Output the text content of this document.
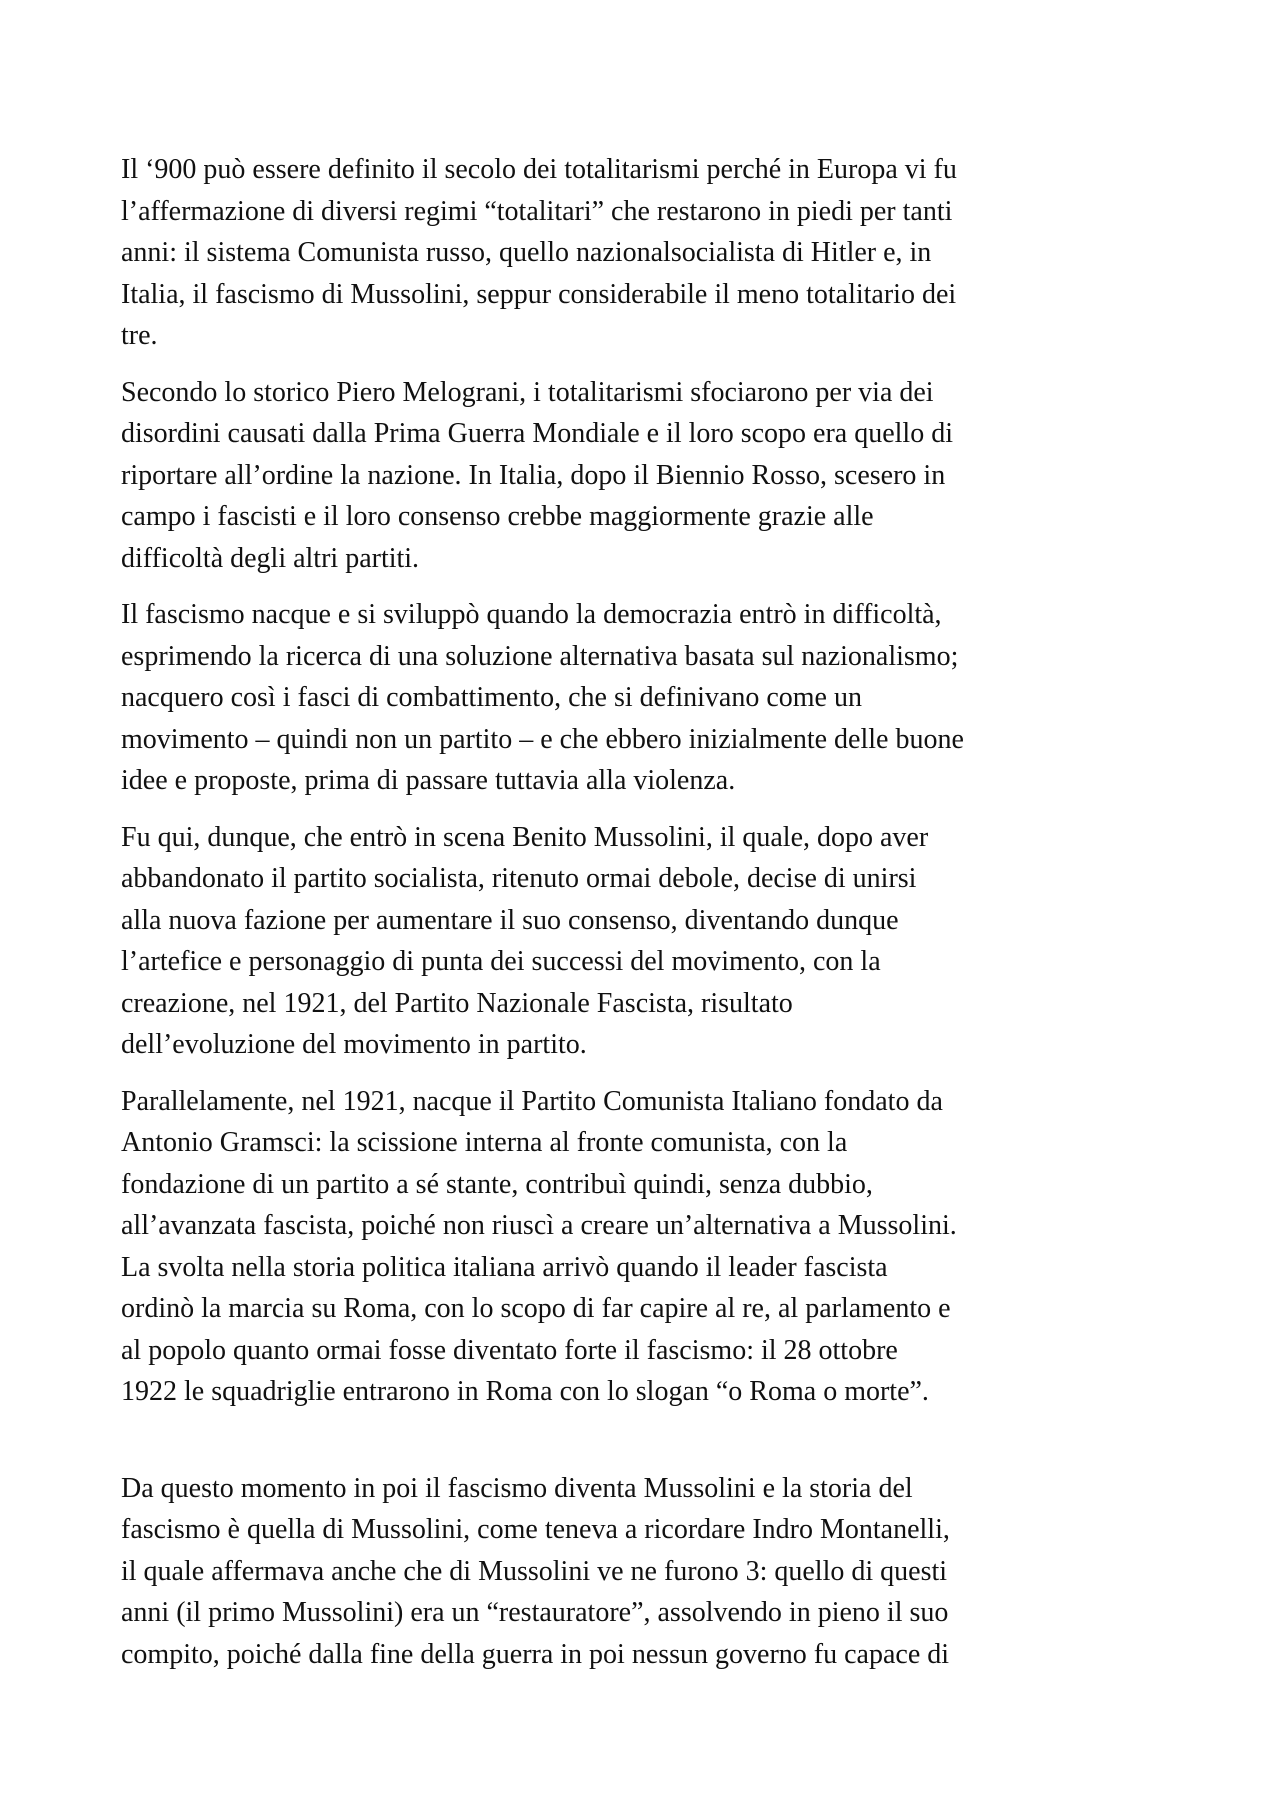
Il ‘900 può essere definito il secolo dei totalitarismi perché in Europa vi fu
l’affermazione di diversi regimi “totalitari” che restarono in piedi per tanti
anni: il sistema Comunista russo, quello nazionalsocialista di Hitler e, in
Italia, il fascismo di Mussolini, seppur considerabile il meno totalitario dei
tre.

Secondo lo storico Piero Melograni, i totalitarismi sfociarono per via dei
disordini causati dalla Prima Guerra Mondiale e il loro scopo era quello di
riportare all’ordine la nazione. In Italia, dopo il Biennio Rosso, scesero in
campo i fascisti e il loro consenso crebbe maggiormente grazie alle
difficoltà degli altri partiti.

Il fascismo nacque e si sviluppò quando la democrazia entrò in difficoltà,
esprimendo la ricerca di una soluzione alternativa basata sul nazionalismo;
nacquero così i fasci di combattimento, che si definivano come un
movimento – quindi non un partito – e che ebbero inizialmente delle buone
idee e proposte, prima di passare tuttavia alla violenza.

Fu qui, dunque, che entrò in scena Benito Mussolini, il quale, dopo aver
abbandonato il partito socialista, ritenuto ormai debole, decise di unirsi
alla nuova fazione per aumentare il suo consenso, diventando dunque
l’artefice e personaggio di punta dei successi del movimento, con la
creazione, nel 1921, del Partito Nazionale Fascista, risultato
dell’evoluzione del movimento in partito.

Parallelamente, nel 1921, nacque il Partito Comunista Italiano fondato da
Antonio Gramsci: la scissione interna al fronte comunista, con la
fondazione di un partito a sé stante, contribuì quindi, senza dubbio,
all’avanzata fascista, poiché non riuscì a creare un’alternativa a Mussolini.
La svolta nella storia politica italiana arrivò quando il leader fascista
ordinò la marcia su Roma, con lo scopo di far capire al re, al parlamento e
al popolo quanto ormai fosse diventato forte il fascismo: il 28 ottobre
1922 le squadriglie entrarono in Roma con lo slogan “o Roma o morte”.

Da questo momento in poi il fascismo diventa Mussolini e la storia del
fascismo è quella di Mussolini, come teneva a ricordare Indro Montanelli,
il quale affermava anche che di Mussolini ve ne furono 3: quello di questi
anni (il primo Mussolini) era un “restauratore”, assolvendo in pieno il suo
compito, poiché dalla fine della guerra in poi nessun governo fu capace di
